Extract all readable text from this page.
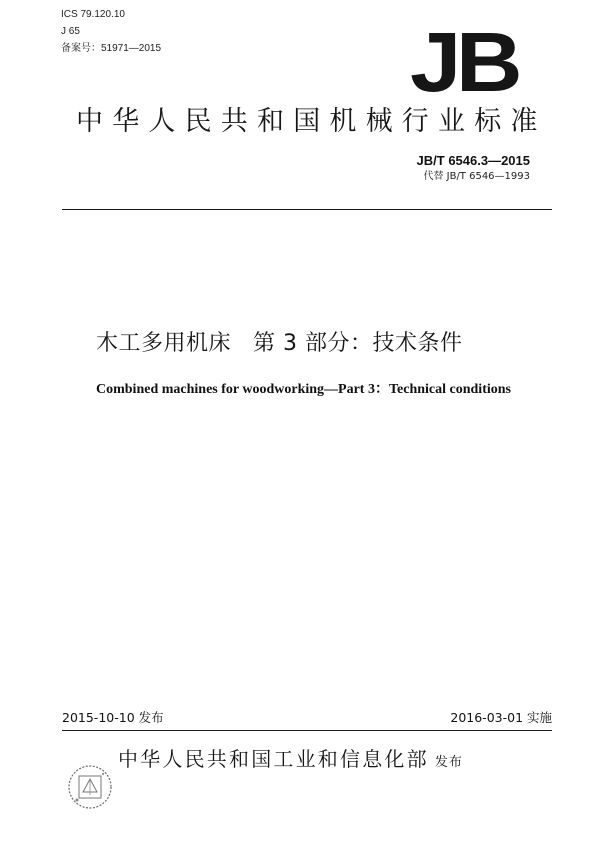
ICS 79.120.10
J 65
备案号：51971—2015	JB
中华人民共和国机械行业标准
JB/T 6546.3—2015
代替 JB/T 6546—1993
木工多用机床 第 3 部分：技术条件
Combined machines for woodworking—Part 3：Technical conditions
2015-10-10 发布	2016-03-01 实施
中华人民共和国工业和信息化部 发布
